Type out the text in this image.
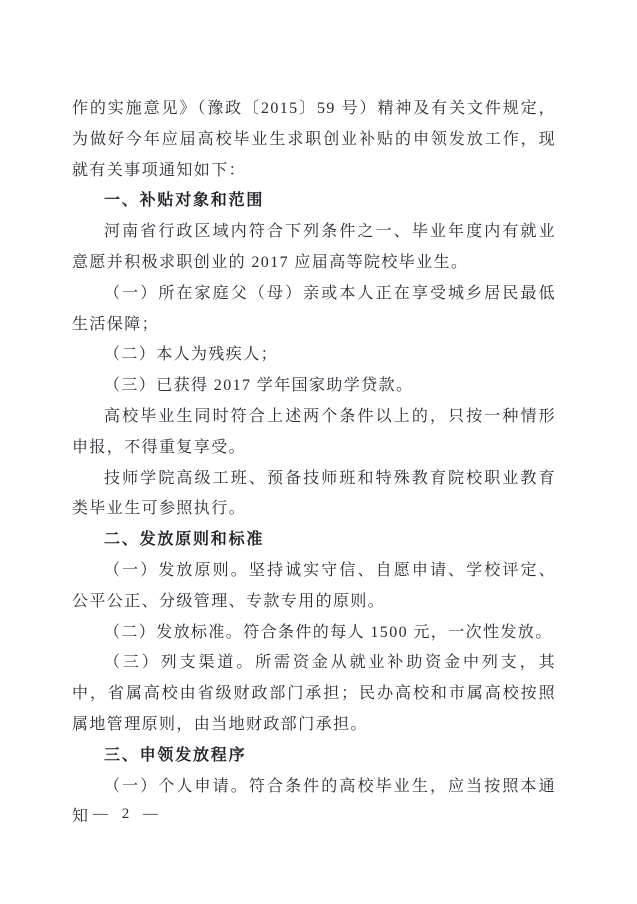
作的实施意见》（豫政〔2015〕59 号）精神及有关文件规定，为做好今年应届高校毕业生求职创业补贴的申领发放工作，现就有关事项通知如下：

一、补贴对象和范围

河南省行政区域内符合下列条件之一、毕业年度内有就业意愿并积极求职创业的 2017 应届高等院校毕业生。

（一）所在家庭父（母）亲或本人正在享受城乡居民最低生活保障；

（二）本人为残疾人；

（三）已获得 2017 学年国家助学贷款。

高校毕业生同时符合上述两个条件以上的，只按一种情形申报，不得重复享受。

技师学院高级工班、预备技师班和特殊教育院校职业教育类毕业生可参照执行。

二、发放原则和标准

（一）发放原则。坚持诚实守信、自愿申请、学校评定、公平公正、分级管理、专款专用的原则。

（二）发放标准。符合条件的每人 1500 元，一次性发放。

（三）列支渠道。所需资金从就业补助资金中列支，其中，省属高校由省级财政部门承担；民办高校和市属高校按照属地管理原则，由当地财政部门承担。

三、申领发放程序

（一）个人申请。符合条件的高校毕业生，应当按照本通知 — 2 —
